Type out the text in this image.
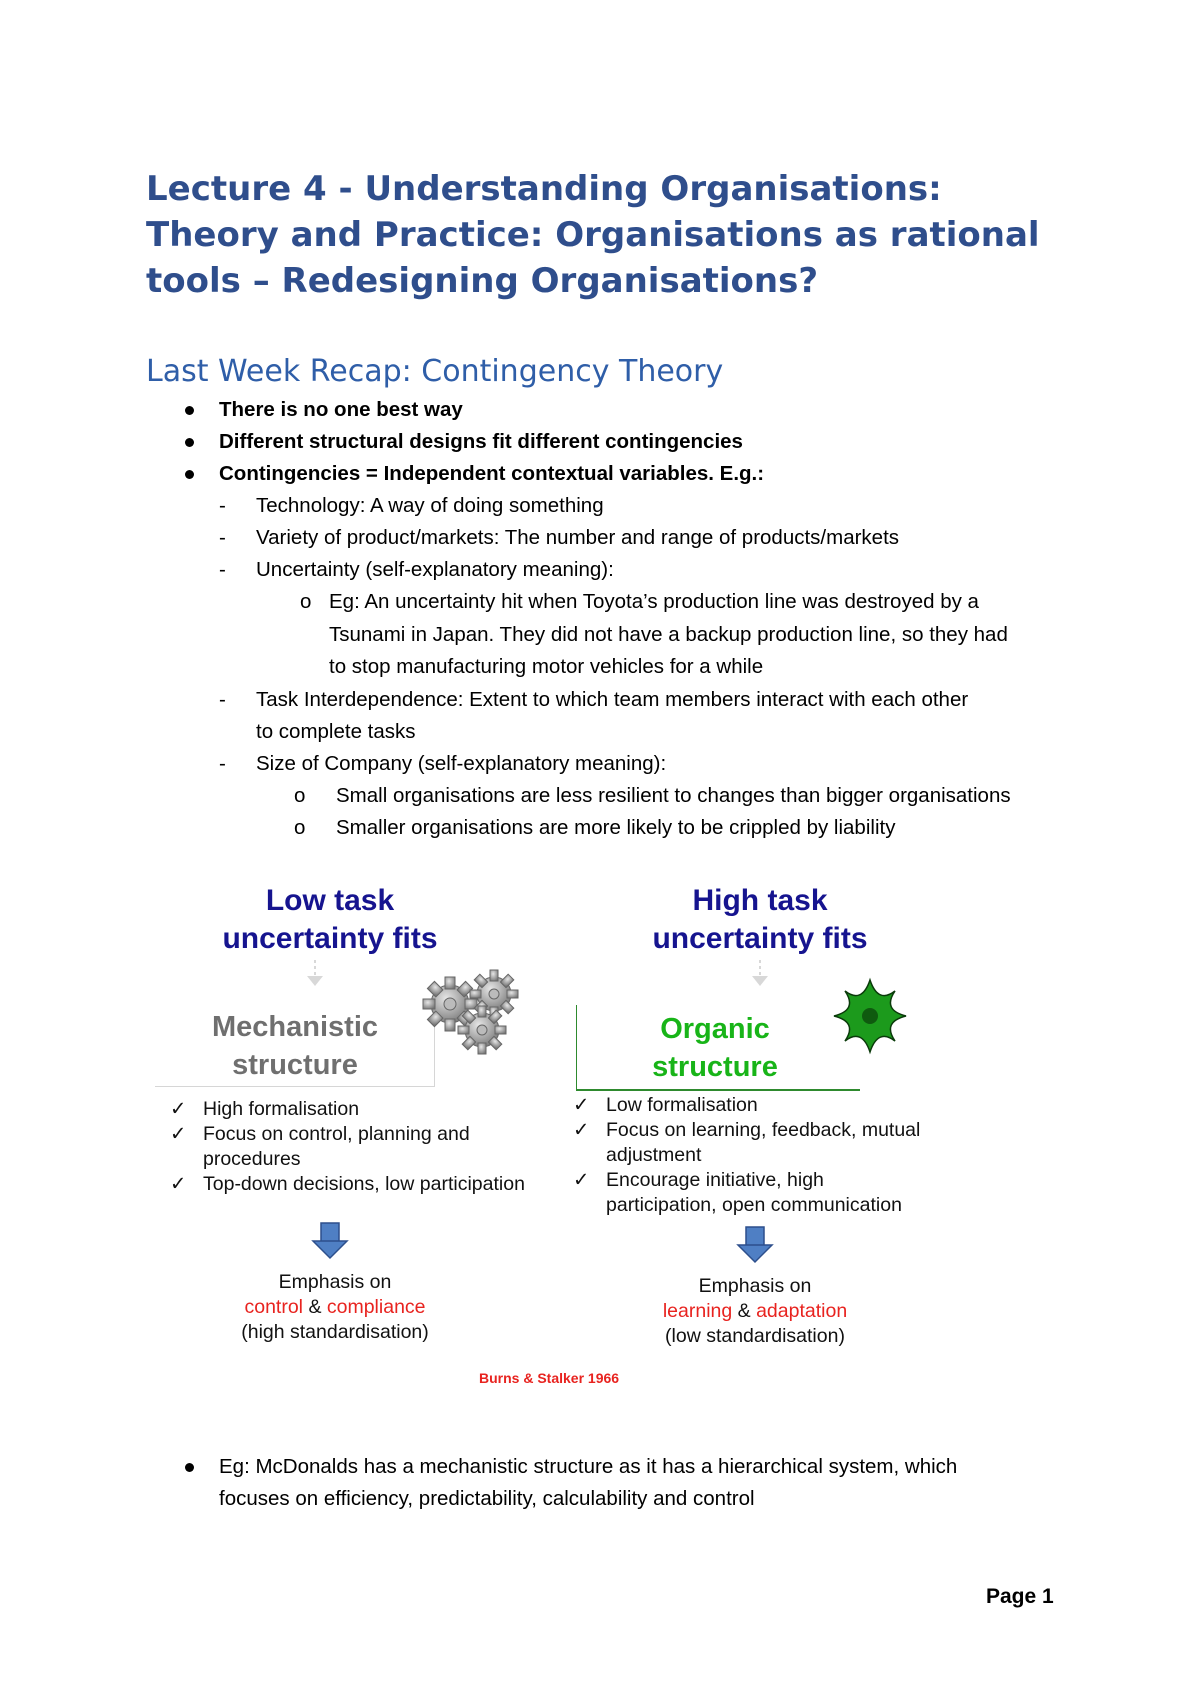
Lecture 4 - Understanding Organisations: Theory and Practice: Organisations as rational tools – Redesigning Organisations?
Last Week Recap: Contingency Theory
There is no one best way
Different structural designs fit different contingencies
Contingencies = Independent contextual variables. E.g.:
- Technology: A way of doing something
- Variety of product/markets: The number and range of products/markets
- Uncertainty (self-explanatory meaning):
o Eg: An uncertainty hit when Toyota’s production line was destroyed by a
Tsunami in Japan. They did not have a backup production line, so they had
to stop manufacturing motor vehicles for a while
- Task Interdependence: Extent to which team members interact with each other
to complete tasks
- Size of Company (self-explanatory meaning):
o Small organisations are less resilient to changes than bigger organisations
o Smaller organisations are more likely to be crippled by liability
Low task
uncertainty fits
Mechanistic
structure
✓ High formalisation
✓ Focus on control, planning and
procedures
✓ Top-down decisions, low participation
Emphasis on
control & compliance
(high standardisation)
High task
uncertainty fits
Organic
structure
✓ Low formalisation
✓ Focus on learning, feedback, mutual
adjustment
✓ Encourage initiative, high
participation, open communication
Emphasis on
learning & adaptation
(low standardisation)
Burns & Stalker 1966
Eg: McDonalds has a mechanistic structure as it has a hierarchical system, which
focuses on efficiency, predictability, calculability and control
Page 1
